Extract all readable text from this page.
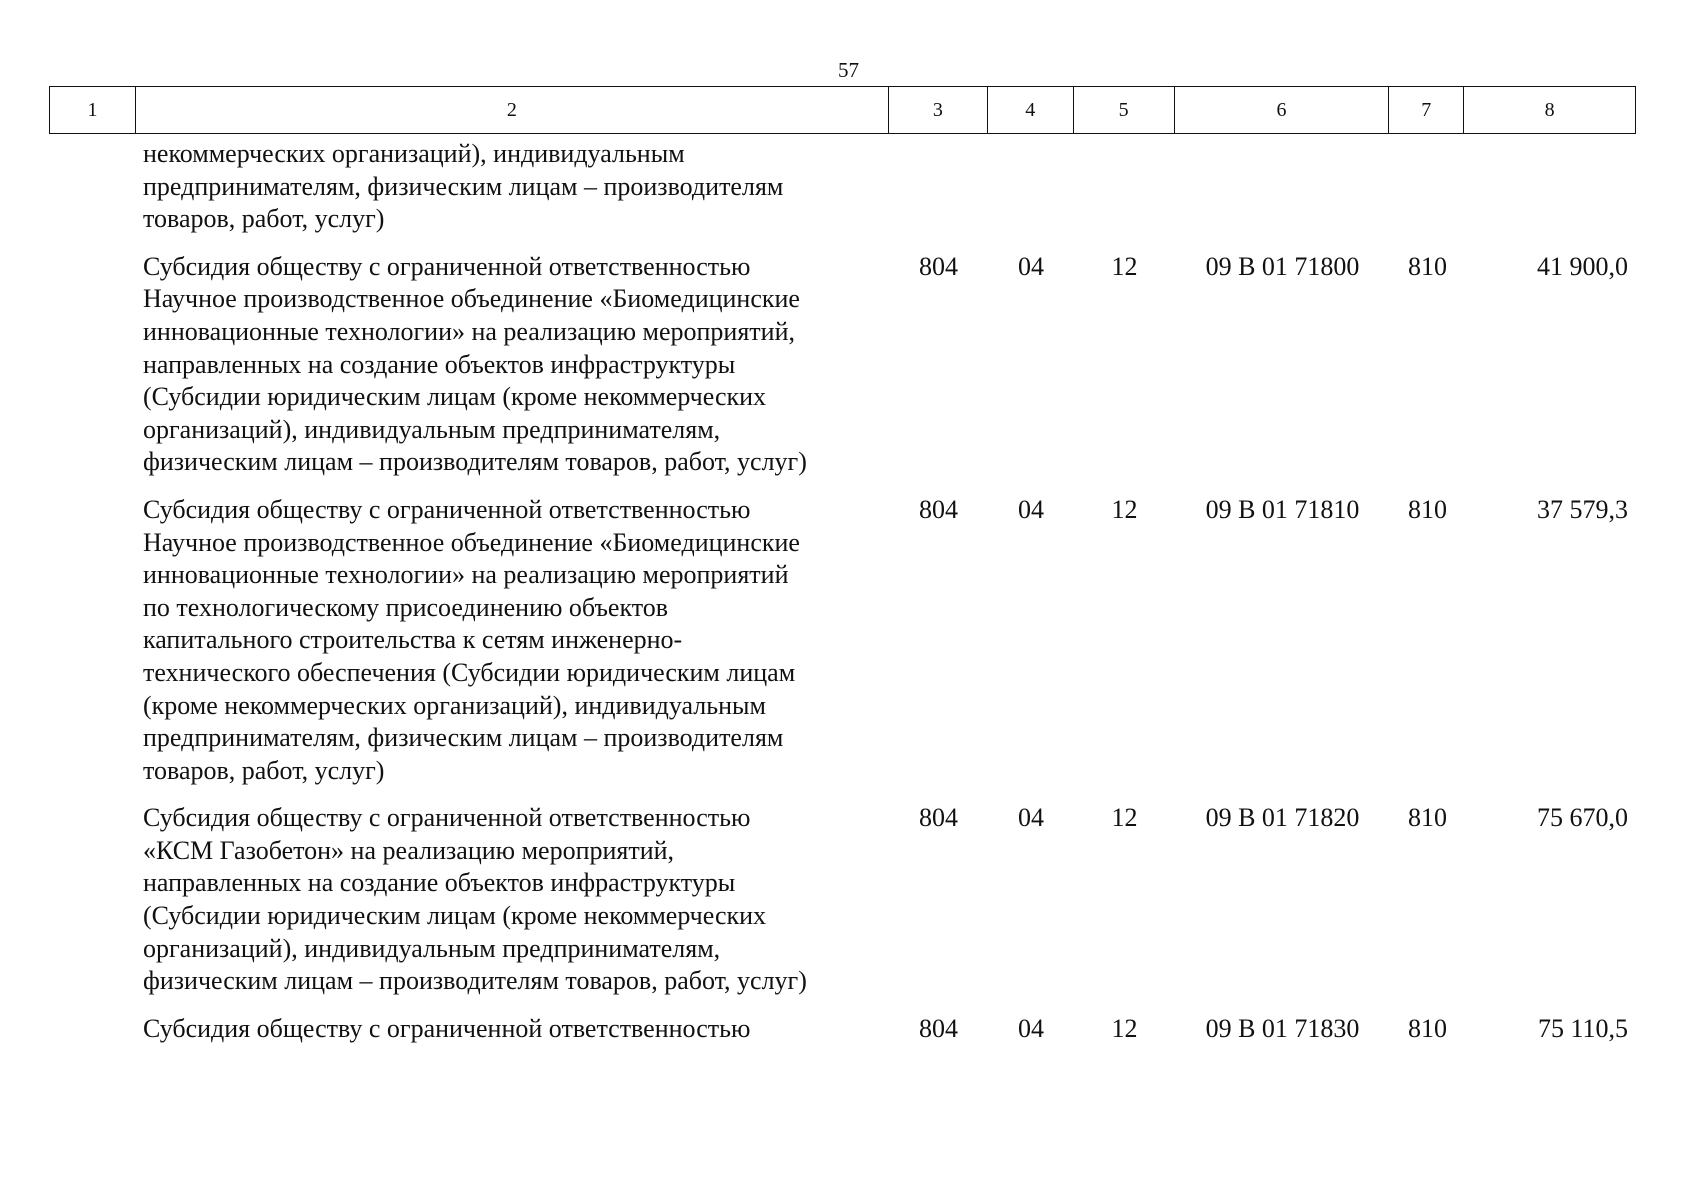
57
1	2	3	4	5	6	7	8
некоммерческих организаций), индивидуальным
предпринимателям, физическим лицам – производителям
товаров, работ, услуг)
Субсидия обществу с ограниченной ответственностью
Научное производственное объединение «Биомедицинские
инновационные технологии» на реализацию мероприятий,
направленных на создание объектов инфраструктуры
(Субсидии юридическим лицам (кроме некоммерческих
организаций), индивидуальным предпринимателям,
физическим лицам – производителям товаров, работ, услуг)
804	04	12	09 В 01 71800	810	41 900,0
Субсидия обществу с ограниченной ответственностью
Научное производственное объединение «Биомедицинские
инновационные технологии» на реализацию мероприятий
по технологическому присоединению объектов
капитального строительства к сетям инженерно-
технического обеспечения (Субсидии юридическим лицам
(кроме некоммерческих организаций), индивидуальным
предпринимателям, физическим лицам – производителям
товаров, работ, услуг)
804	04	12	09 В 01 71810	810	37 579,3
Субсидия обществу с ограниченной ответственностью
«КСМ Газобетон» на реализацию мероприятий,
направленных на создание объектов инфраструктуры
(Субсидии юридическим лицам (кроме некоммерческих
организаций), индивидуальным предпринимателям,
физическим лицам – производителям товаров, работ, услуг)
804	04	12	09 В 01 71820	810	75 670,0
Субсидия обществу с ограниченной ответственностью	804	04	12	09 В 01 71830	810	75 110,5
